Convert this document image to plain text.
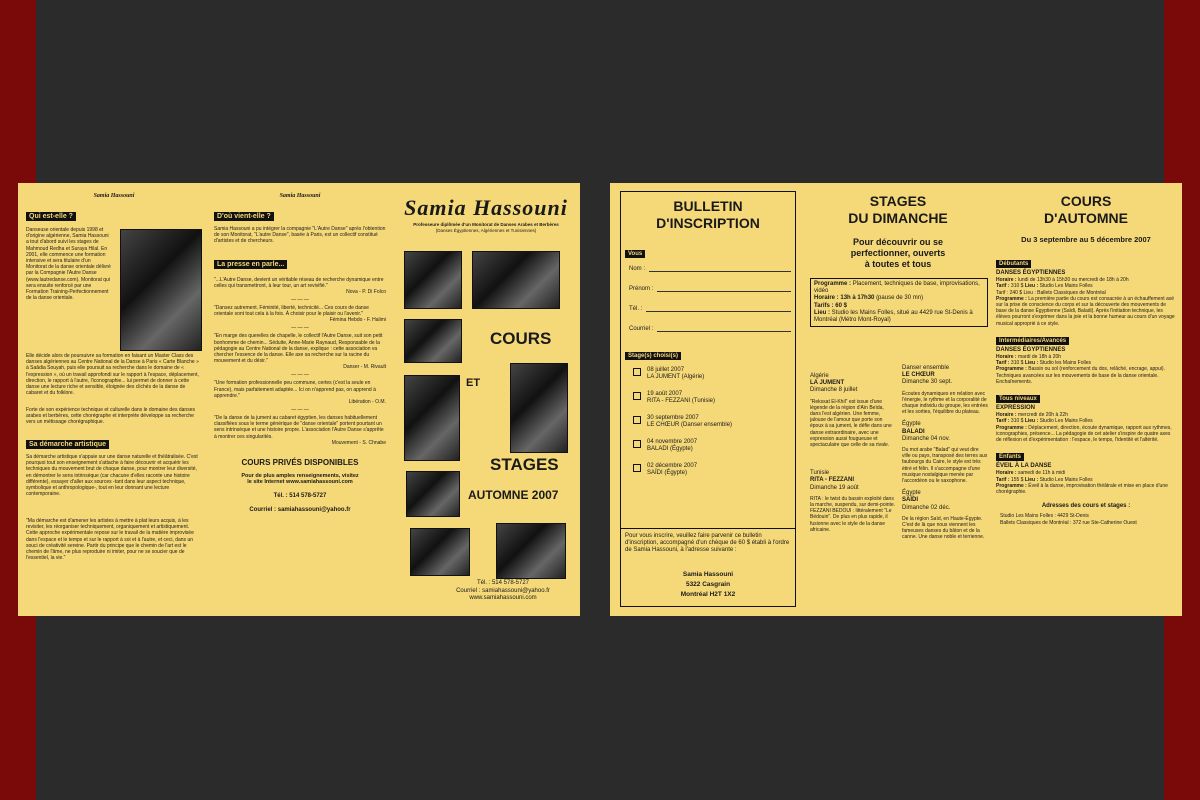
Samia Hassouni
Qui est-elle ?
Danseuse orientale depuis 1998 et d'origine algérienne, Samia Hassouni a tout d'abord suivi les stages de Mahmoud Redha et Suraya Hilal. En 2001, elle commence une formation intensive et sera titulaire d'un Monitorat de la danse orientale délivré par la Compagnie l'Autre Danse (www.lautredanse.com). Monitorat qui sera ensuite renforcé par une Formation Training-Perfectionnement de la danse orientale.
Elle décide alors de poursuivre sa formation en faisant un Master Class des danses algériennes au Centre National de la Danse à Paris « Carte Blanche » à Saâdia Souyah, puis elle poursuit sa recherche dans le domaine de « l'expression », où un travail approfondi sur le rapport à l'espace, déplacement, direction, le rapport à l'autre, l'iconographie... lui permet de donner à cette danse une lecture riche et sensible, éloignée des clichés de la danse de cabaret et du folklore.
Forte de son expérience technique et culturelle dans le domaine des danses arabes et berbères, cette chorégraphe et interprète développe sa recherche vers un métissage chorégraphique.
Sa démarche artistique
Sa démarche artistique s'appuie sur une danse naturelle et théâtralisée. C'est pourquoi tout son enseignement s'attache à faire découvrir et acquérir les techniques du mouvement brut de chaque danse, pour montrer leur diversité, en démontrer le sens intrinsèque (car chacune d'elles raconte une histoire différente), essayer d'aller aux sources -tant dans leur aspect technique, symbolique et anthropologique-, tout en leur donnant une lecture contemporaine.
"Ma démarche est d'amener les artistes à mettre à plat leurs acquis, à les revisiter, les réorganiser techniquement, organiquement et artistiquement. Cette approche expérimentale repose sur le travail de la matière improvisée dans l'espace et le temps et sur le rapport à soi et à l'autre, et ceci, dans un souci de créativité sereine. Partir du principe que le chemin de l'art est le chemin de l'âme, ne plus reproduire ni imiter, pour ne se soucier que de l'essentiel, la vie."
Samia Hassouni
D'où vient-elle ?
Samia Hassouni a pu intégrer la compagnie "L'Autre Danse" après l'obtention de son Monitorat, "L'autre Danse", basée à Paris, est un collectif constitué d'artistes et de chercheurs.
La presse en parle...
"...L'Autre Danse, devient un véritable réseau de recherche dynamique entre celles qui transmettront, à leur tour, un art revivifié."
Nova - P. Di Folco
— — —
"Dansez autrement. Féminité, liberté, technicité... Ces cours de danse orientale sont tout cela à la fois. À choisir pour le plaisir ou l'avenir."
Fémina Hebdo - F. Halimi
— — —
"En marge des querelles de chapelle, le collectif l'Autre Danse, suit son petit bonhomme de chemin... Séduite, Anne-Marie Raynaud, Responsable de la pédagogie au Centre National de la danse, explique : cette association va chercher l'essence de la danse. Elle axe sa recherche sur la racine du mouvement et du désir."
Danser - M. Rivault
— — —
"Une formation professionnelle peu commune, certes (c'est la seule en France), mais parfaitement adaptée... Ici on n'apprend pas, on apprend à apprendre."
Libération - O.M.
— — —
"De la danse de la jument au cabaret égyptien, les danses habituellement classifiées sous le terme générique de "danse orientale" portent pourtant un sens intrinsèque et une histoire propre. L'association l'Autre Danse s'apprête à montrer ces singularités.
Mouvement - S. Chnabe
COURS PRIVÉS DISPONIBLES
Pour de plus amples renseignements, visitez
le site Internet www.samiahassouni.com
Tél. : 514 578-5727
Courriel : samiahassouni@yahoo.fr
Samia Hassouni
Professeure diplômée d'un Monitorat de Danses Arabes et Berbères
(Danses Égyptiennes, Algériennes et Tunisiennes)
COURS
ET
STAGES
AUTOMNE 2007
Tél. : 514 578-5727
Courriel : samiahassouni@yahoo.fr
www.samiahassouni.com
BULLETIN
D'INSCRIPTION
Vous
Nom :
Prénom :
Tél. :
Courriel :
Stage(s) choisi(s)
08 juillet 2007
LA JUMENT (Algérie)
19 août 2007
RITA - FEZZANI (Tunisie)
30 septembre 2007
LE CHŒUR (Danser ensemble)
04 novembre 2007
BALADI (Égypte)
02 décembre 2007
SAÏDI (Égypte)
Pour vous inscrire, veuillez faire parvenir ce bulletin d'inscription, accompagné d'un chèque de 60 $ établi à l'ordre de Samia Hassouni, à l'adresse suivante :
Samia Hassouni
5322 Casgrain
Montréal H2T 1X2
STAGES
DU DIMANCHE
Pour découvrir ou se
perfectionner, ouverts
à toutes et tous
Programme : Placement, techniques de base, improvisations, vidéo
Horaire : 13h à 17h30 (pause de 30 mn)
Tarifs : 60 $
Lieu : Studio les Mains Folles, situé au 4429 rue St-Denis à Montréal (Métro Mont-Royal)
Algérie
LA JUMENT
Dimanche 8 juillet
"Rekssat El-Khil" est issue d'une légende de la région d'Aïn Beïda, dans l'est algérien. Une femme, jalouse de l'amour que porte son époux à sa jument, le défie dans une danse extraordinaire, avec une expression aussi fougueuse et spectaculaire que celle de sa rivale.
Tunisie
RITA - FEZZANI
Dimanche 19 août
RITA : le twist du bassin exploité dans la marche, suspendu, sur demi-pointe. FEZZANI BEDOUI : littéralement "Le Bédouin". De plus en plus rapide, il fusionne avec le style de la danse africaine.
Danser ensemble
LE CHŒUR
Dimanche 30 sept.
Écoutes dynamiques en relation avec l'énergie, le rythme et la corporalité de chaque individu du groupe, les entrées et les sorties, l'équilibre du plateau.
Égypte
BALADI
Dimanche 04 nov.
Du mot arabe "Balad" qui veut dire ville ou pays, transposé des terres aux faubourgs du Caire, le style est très étiré et félin. Il s'accompagne d'une musique nostalgique menée par l'accordéon ou le saxophone.
Égypte
SAÏDI
Dimanche 02 déc.
De la région Saïd, en Haute-Égypte. C'est de là que nous viennent les fameuses danses du bâton et de la canne. Une danse noble et terrienne.
COURS
D'AUTOMNE
Du 3 septembre au 5 décembre 2007
Débutants
DANSES ÉGYPTIENNES
Horaire : lundi de 13h30 à 15h30 ou mercredi de 18h à 20h
Tarif : 310 $ Lieu : Studio Les Mains Folles
Tarif : 240 $ Lieu : Ballets Classiques de Montréal
Programme : La première partie du cours est consacrée à un échauffement axé sur la prise de conscience du corps et sur la découverte des mouvements de base de la danse Égyptienne (Saïdi, Baladi). Après l'initiation technique, les élèves pourront s'exprimer dans la joie et la bonne humeur au cours d'un voyage musical approprié à ce style.
Intermédiaires/Avancés
DANSES ÉGYPTIENNES
Horaire : mardi de 18h à 20h
Tarif : 310 $ Lieu : Studio les Mains Folles
Programme : Bassin ou sol (renforcement du dos, relâché, encrage, appui). Techniques avancées sur les mouvements de base de la danse orientale. Enchaînements.
Tous niveaux
EXPRESSION
Horaire : mercredi de 20h à 22h
Tarif : 310 $ Lieu : Studio Les Mains Folles
Programme : Déplacement, direction, écoute dynamique, rapport aux rythmes, iconographies, présence... La pédagogie de cet atelier s'inspire de quatre axes de réflexion et d'expérimentation : l'espace, le temps, l'identité et l'altérité.
Enfants
ÉVEIL À LA DANSE
Horaire : samedi de 11h à midi
Tarif : 155 $ Lieu : Studio Les Mains Folles
Programme : Éveil à la danse, improvisation théâtrale et mise en place d'une chorégraphie.
Adresses des cours et stages :
Studio Les Mains Folles : 4429 St-Denis
Ballets Classiques de Montréal : 372 rue Ste-Catherine Ouest
